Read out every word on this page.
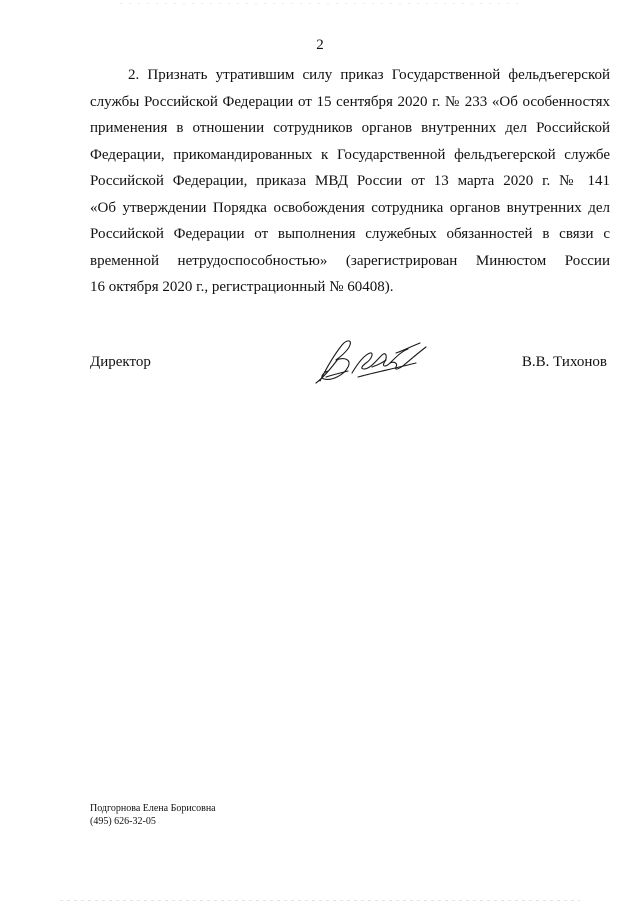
2
2. Признать утратившим силу приказ Государственной фельдъегерской
службы Российской Федерации от 15 сентября 2020 г. № 233 «Об особенностях
применения в отношении сотрудников органов внутренних дел Российской
Федерации, прикомандированных к Государственной фельдъегерской службе
Российской Федерации, приказа МВД России от 13 марта 2020 г. № 141
«Об утверждении Порядка освобождения сотрудника органов внутренних дел
Российской Федерации от выполнения служебных обязанностей в связи с
временной нетрудоспособностью» (зарегистрирован Минюстом России
16 октября 2020 г., регистрационный № 60408).
Директор	В.В. Тихонов
Подгорнова Елена Борисовна
(495) 626-32-05
